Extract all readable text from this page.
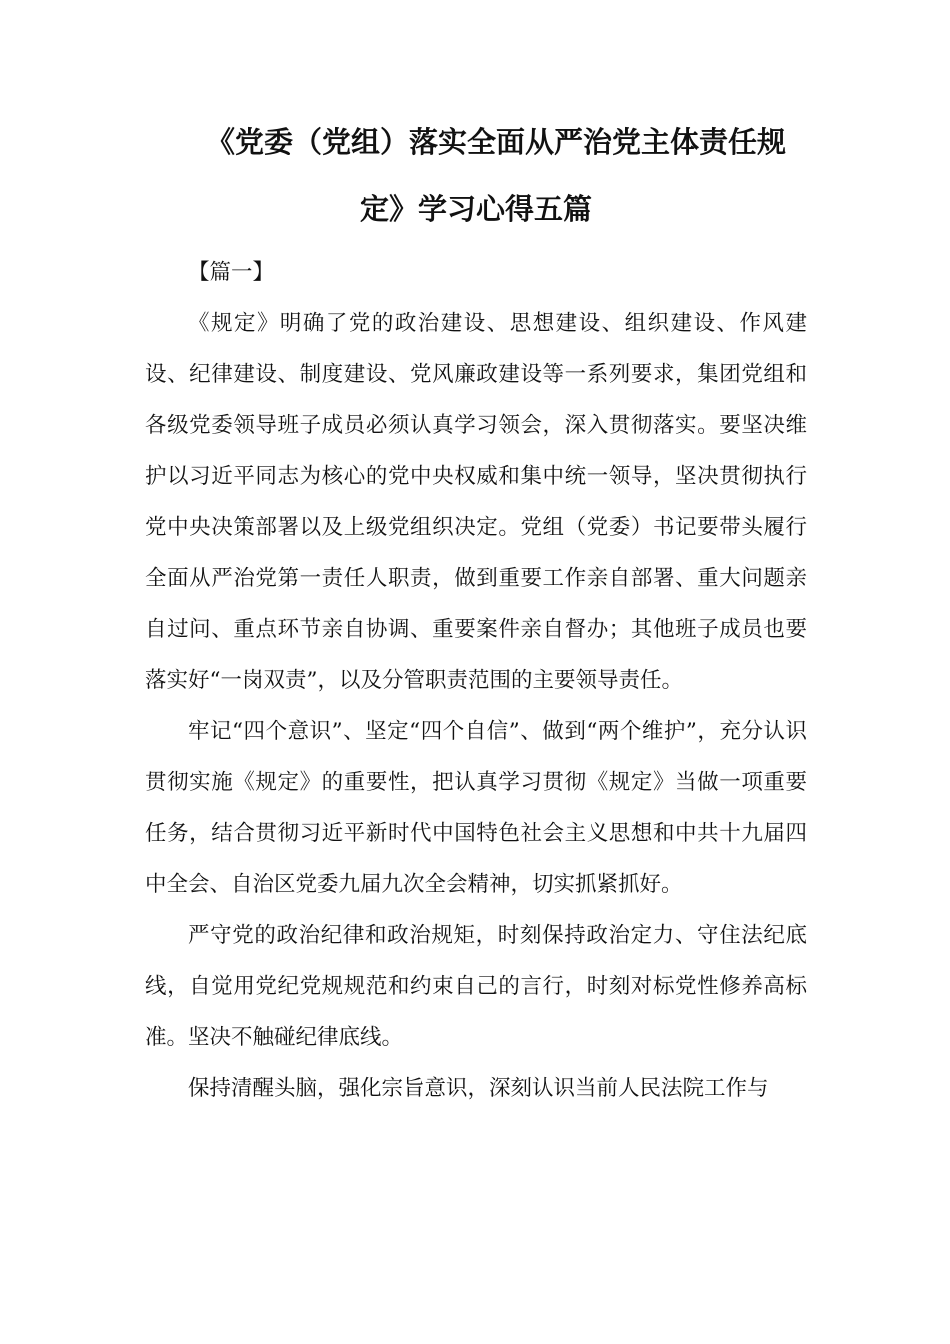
《党委（党组）落实全面从严治党主体责任规
定》学习心得五篇

【篇一】

《规定》明确了党的政治建设、思想建设、组织建设、作风建设、纪律建设、制度建设、党风廉政建设等一系列要求，集团党组和各级党委领导班子成员必须认真学习领会，深入贯彻落实。要坚决维护以习近平同志为核心的党中央权威和集中统一领导，坚决贯彻执行党中央决策部署以及上级党组织决定。党组（党委）书记要带头履行全面从严治党第一责任人职责，做到重要工作亲自部署、重大问题亲自过问、重点环节亲自协调、重要案件亲自督办；其他班子成员也要落实好“一岗双责”，以及分管职责范围的主要领导责任。

牢记“四个意识”、坚定“四个自信”、做到“两个维护”，充分认识贯彻实施《规定》的重要性，把认真学习贯彻《规定》当做一项重要任务，结合贯彻习近平新时代中国特色社会主义思想和中共十九届四中全会、自治区党委九届九次全会精神，切实抓紧抓好。

严守党的政治纪律和政治规矩，时刻保持政治定力、守住法纪底线，自觉用党纪党规规范和约束自己的言行，时刻对标党性修养高标准。坚决不触碰纪律底线。

保持清醒头脑，强化宗旨意识，深刻认识当前人民法院工作与
